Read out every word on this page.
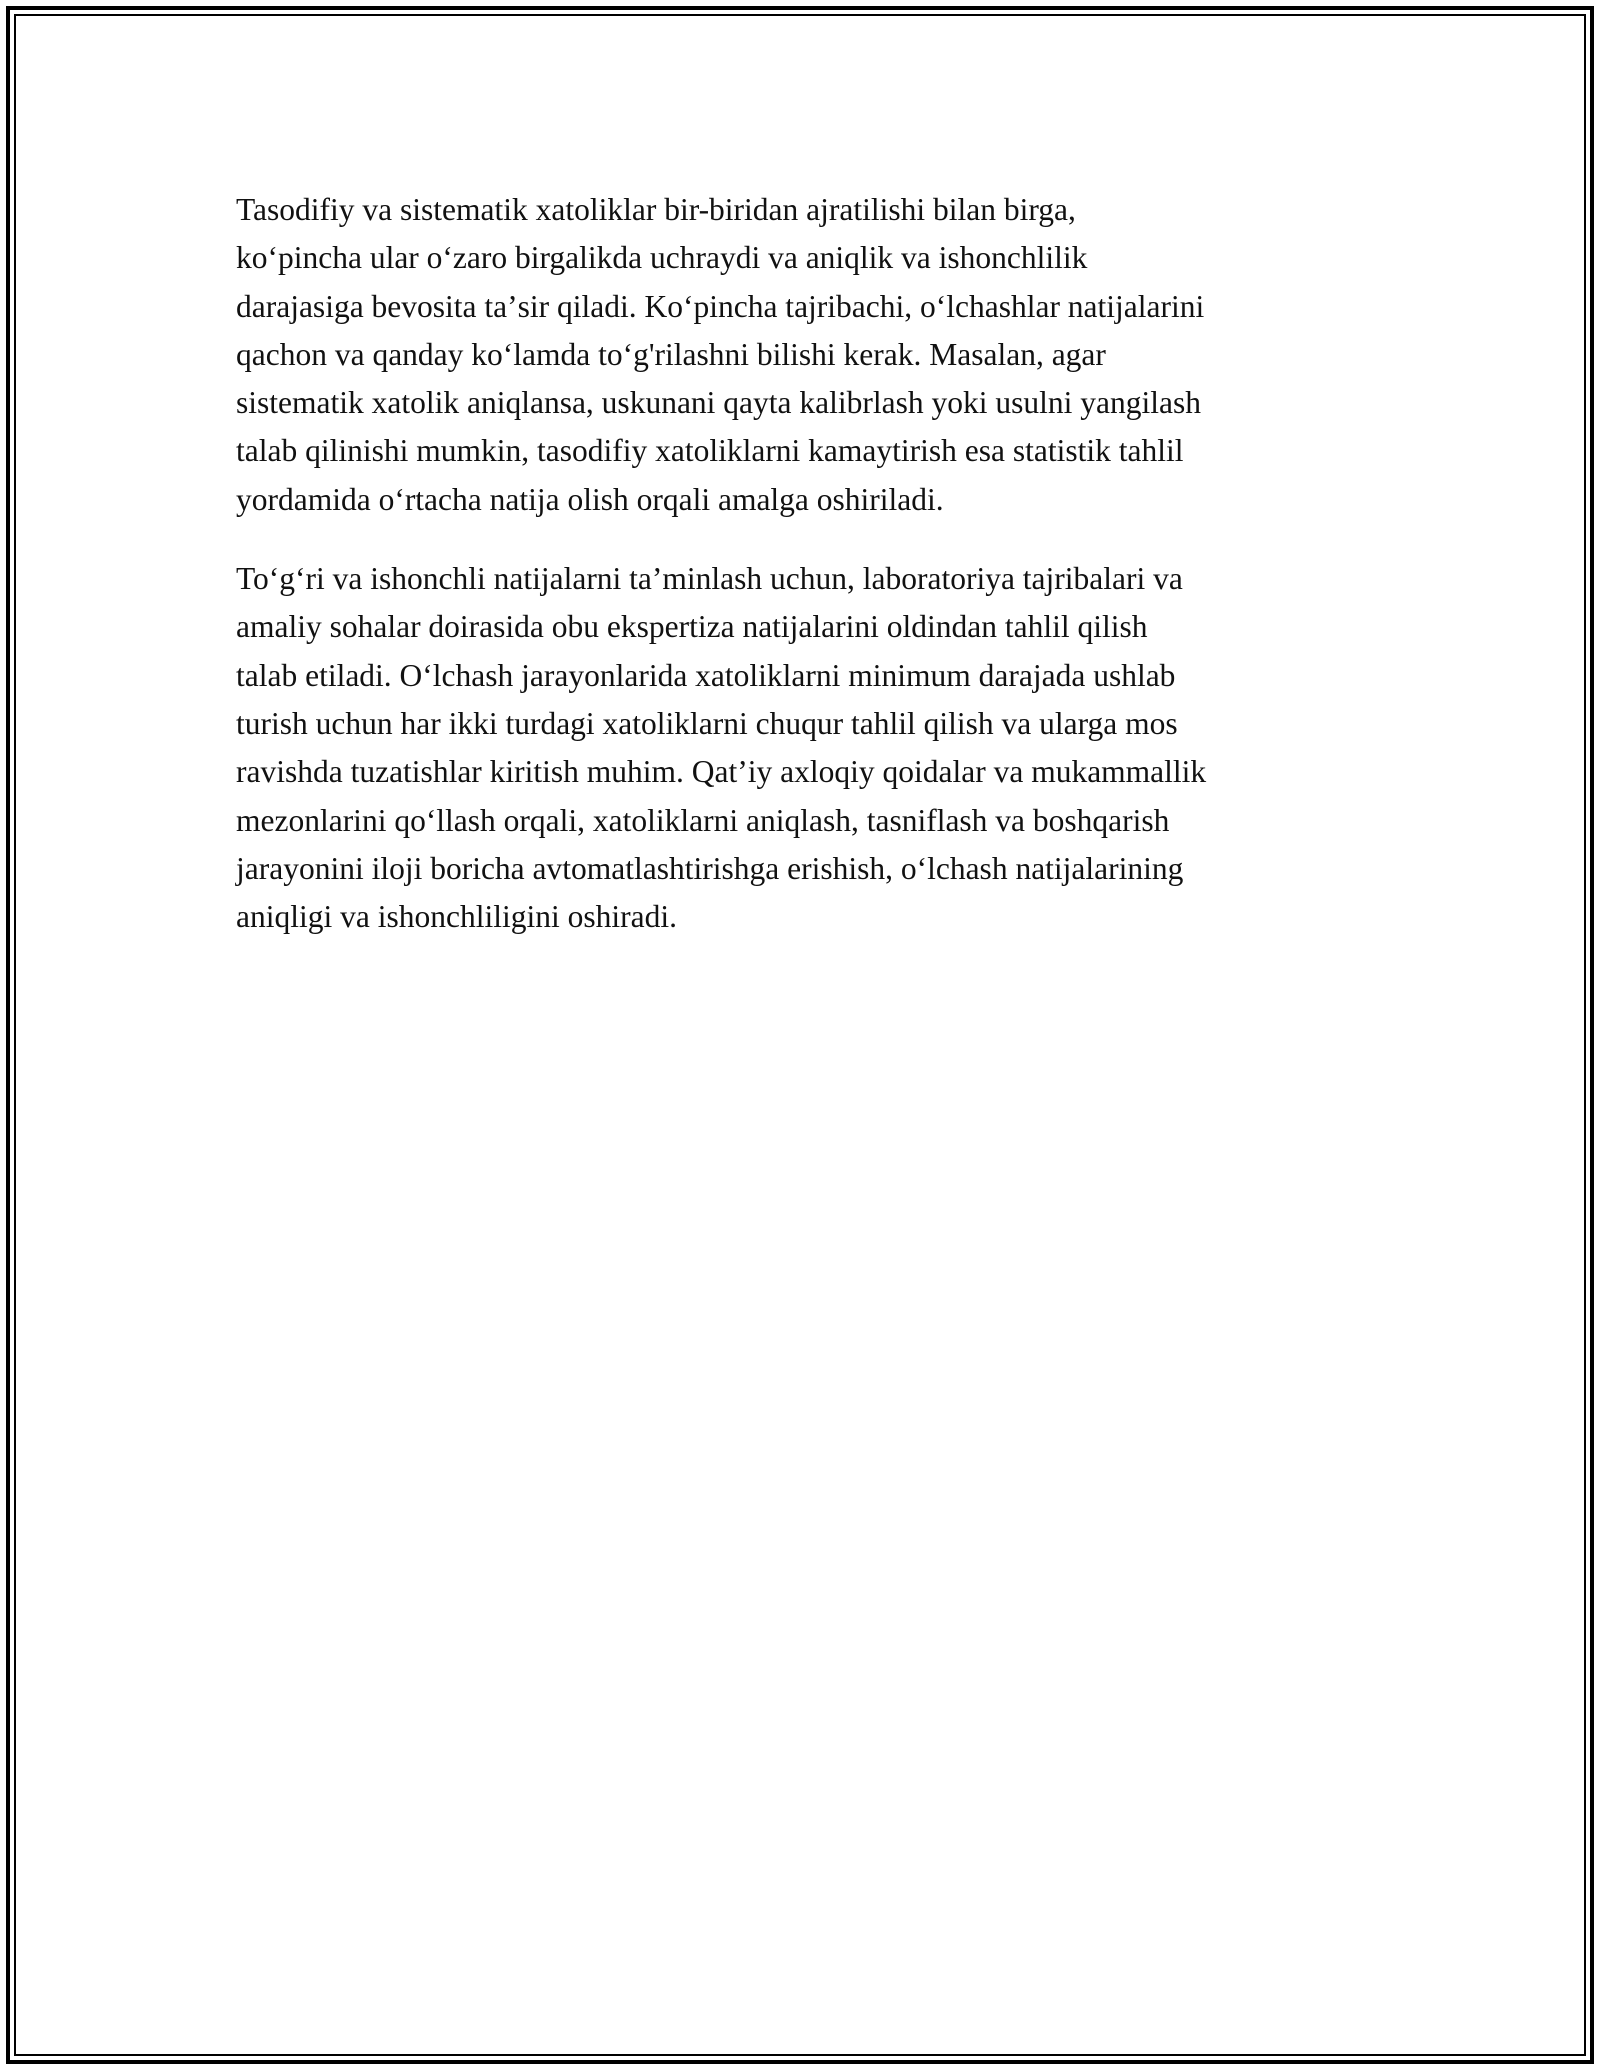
Tasodifiy va sistematik xatoliklar bir-biridan ajratilishi bilan birga,
koʻpincha ular oʻzaro birgalikda uchraydi va aniqlik va ishonchlilik
darajasiga bevosita taʼsir qiladi. Koʻpincha tajribachi, oʻlchashlar natijalarini
qachon va qanday koʻlamda toʻg'rilashni bilishi kerak. Masalan, agar
sistematik xatolik aniqlansa, uskunani qayta kalibrlash yoki usulni yangilash
talab qilinishi mumkin, tasodifiy xatoliklarni kamaytirish esa statistik tahlil
yordamida oʻrtacha natija olish orqali amalga oshiriladi.

Toʻgʻri va ishonchli natijalarni taʼminlash uchun, laboratoriya tajribalari va
amaliy sohalar doirasida obu ekspertiza natijalarini oldindan tahlil qilish
talab etiladi. Oʻlchash jarayonlarida xatoliklarni minimum darajada ushlab
turish uchun har ikki turdagi xatoliklarni chuqur tahlil qilish va ularga mos
ravishda tuzatishlar kiritish muhim. Qatʼiy axloqiy qoidalar va mukammallik
mezonlarini qoʻllash orqali, xatoliklarni aniqlash, tasniflash va boshqarish
jarayonini iloji boricha avtomatlashtirishga erishish, oʻlchash natijalarining
aniqligi va ishonchliligini oshiradi.
